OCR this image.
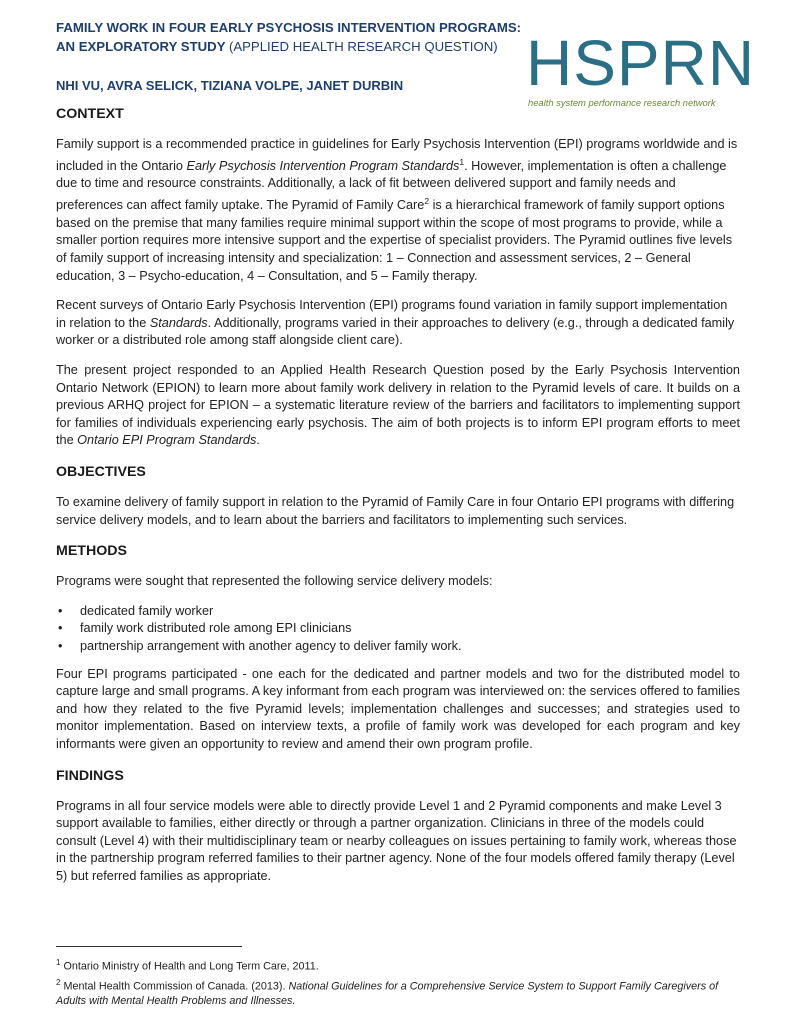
FAMILY WORK IN FOUR EARLY PSYCHOSIS INTERVENTION PROGRAMS: AN EXPLORATORY STUDY (APPLIED HEALTH RESEARCH QUESTION)
NHI VU, AVRA SELICK, TIZIANA VOLPE, JANET DURBIN HSPRN
health system performance research network
CONTEXT

Family support is a recommended practice in guidelines for Early Psychosis Intervention (EPI) programs worldwide and is included in the Ontario Early Psychosis Intervention Program Standards$^1$. However, implementation is often a challenge due to time and resource constraints. Additionally, a lack of fit between delivered support and family needs and preferences can affect family uptake. The Pyramid of Family Care$^2$ is a hierarchical framework of family support options based on the premise that many families require minimal support within the scope of most programs to provide, while a smaller portion requires more intensive support and the expertise of specialist providers. The Pyramid outlines five levels of family support of increasing intensity and specialization: 1 – Connection and assessment services, 2 – General education, 3 – Psycho-education, 4 – Consultation, and 5 – Family therapy.

Recent surveys of Ontario Early Psychosis Intervention (EPI) programs found variation in family support implementation in relation to the Standards. Additionally, programs varied in their approaches to delivery (e.g., through a dedicated family worker or a distributed role among staff alongside client care).

The present project responded to an Applied Health Research Question posed by the Early Psychosis Intervention Ontario Network (EPION) to learn more about family work delivery in relation to the Pyramid levels of care. It builds on a previous ARHQ project for EPION – a systematic literature review of the barriers and facilitators to implementing support for families of individuals experiencing early psychosis. The aim of both projects is to inform EPI program efforts to meet the Ontario EPI Program Standards.

OBJECTIVES

To examine delivery of family support in relation to the Pyramid of Family Care in four Ontario EPI programs with differing service delivery models, and to learn about the barriers and facilitators to implementing such services.

METHODS

Programs were sought that represented the following service delivery models:

• dedicated family worker
• family work distributed role among EPI clinicians
• partnership arrangement with another agency to deliver family work.

Four EPI programs participated - one each for the dedicated and partner models and two for the distributed model to capture large and small programs. A key informant from each program was interviewed on: the services offered to families and how they related to the five Pyramid levels; implementation challenges and successes; and strategies used to monitor implementation. Based on interview texts, a profile of family work was developed for each program and key informants were given an opportunity to review and amend their own program profile.

FINDINGS

Programs in all four service models were able to directly provide Level 1 and 2 Pyramid components and make Level 3 support available to families, either directly or through a partner organization. Clinicians in three of the models could consult (Level 4) with their multidisciplinary team or nearby colleagues on issues pertaining to family work, whereas those in the partnership program referred families to their partner agency. None of the four models offered family therapy (Level 5) but referred families as appropriate.

$^1$ Ontario Ministry of Health and Long Term Care, 2011.
$^2$ Mental Health Commission of Canada. (2013). National Guidelines for a Comprehensive Service System to Support Family Caregivers of Adults with Mental Health Problems and Illnesses.
